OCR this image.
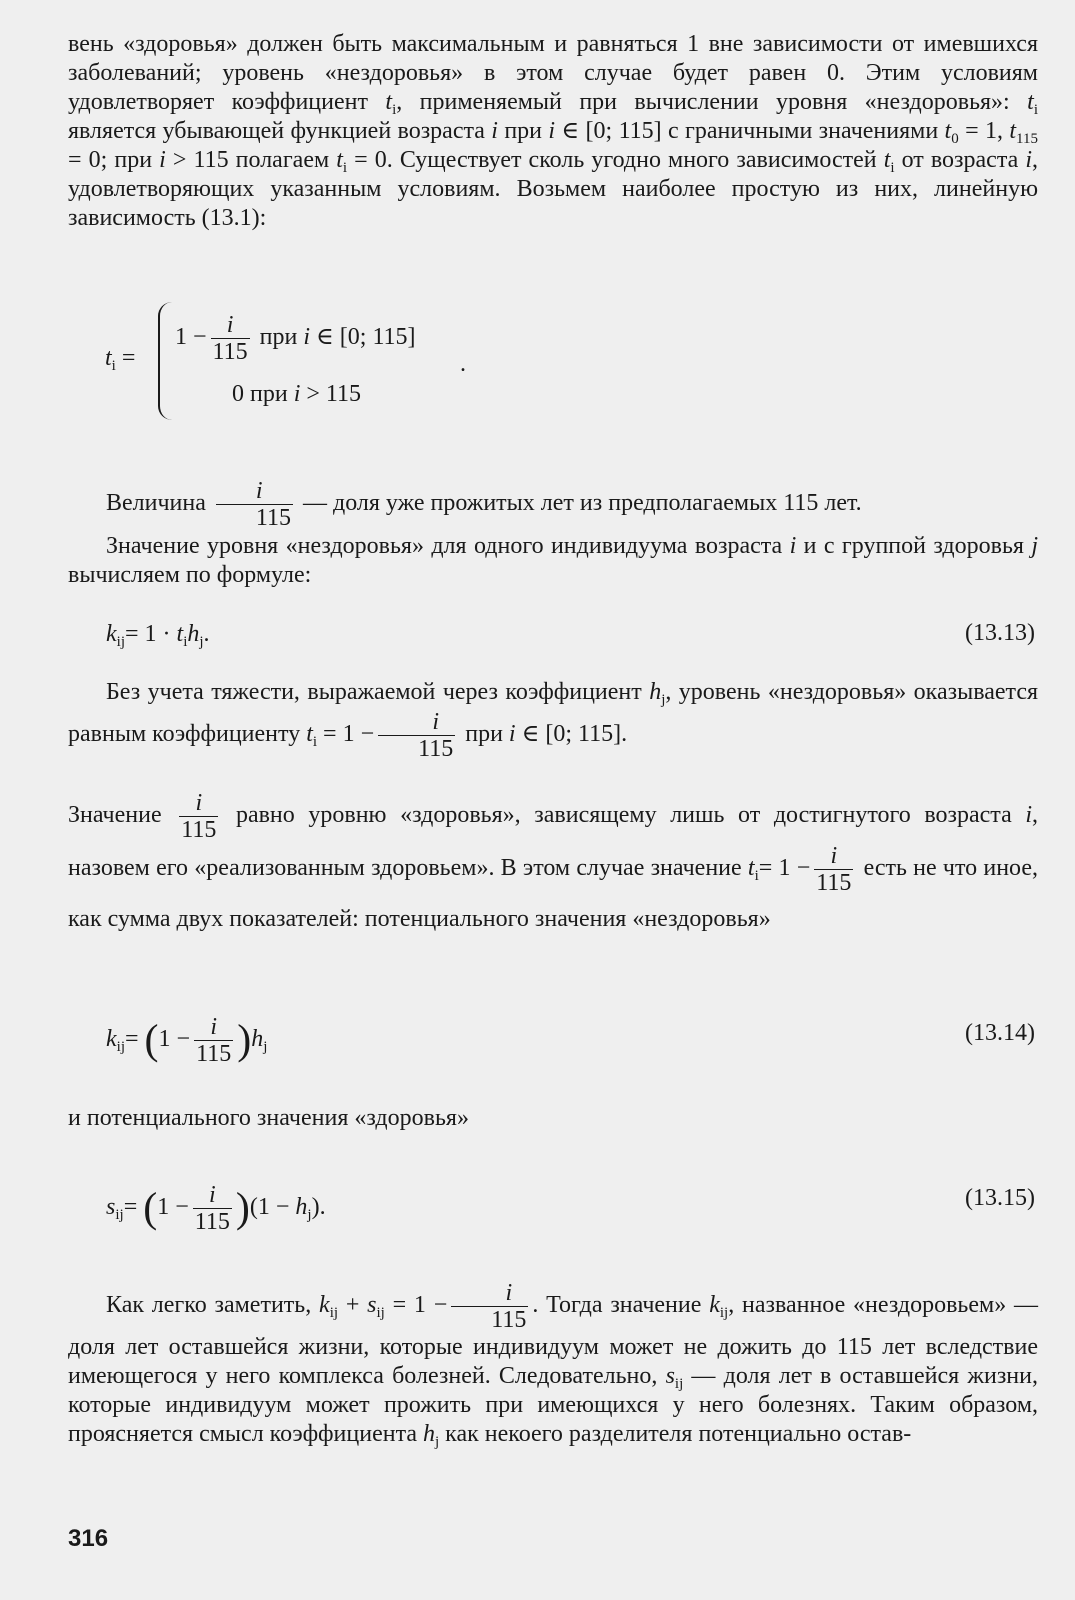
вень «здоровья» должен быть максимальным и равняться 1 вне зависимости от имевшихся заболеваний; уровень «нездоровья» в этом случае будет равен 0. Этим условиям удовлетворяет коэффициент $t_i$, применяемый при вычислении уровня «нездоровья»: $t_i$ является убывающей функцией возраста i при i ∈ [0; 115] с граничными значениями $t_0 = 1$, $t_{115} = 0$; при i > 115 полагаем $t_i = 0$. Существует сколь угодно много зависимостей $t_i$ от возраста i, удовлетворяющих указанным условиям. Возьмем наиболее простую из них, линейную зависимость (13.1):
$t_i$ =
$1 - \frac{i}{115}$ при i ∈ [0; 115]
.
0 при i > 115
Величина $\frac{i}{115}$ — доля уже прожитых лет из предполагаемых 115 лет.
Значение уровня «нездоровья» для одного индивидуума возраста i и с группой здоровья j вычисляем по формуле:
$k_{ij}= 1 \cdot t_ih_j$.	(13.13)
Без учета тяжести, выражаемой через коэффициент $h_j$, уровень «нездоровья» оказывается равным коэффициенту $t_i = 1 - \frac{i}{115}$ при i ∈ [0; 115].
Значение $\frac{i}{115}$ равно уровню «здоровья», зависящему лишь от достигнутого возраста i, назовем его «реализованным здоровьем». В этом случае значение $t_i= 1 - \frac{i}{115}$ есть не что иное, как сумма двух показателей: потенциального значения «нездоровья»
$k_{ij}= (1 - \frac{i}{115} )h_j$
(13.14)
и потенциального значения «здоровья»
$s_{ij}= (1 - \frac{i}{115} )(1 - h_j)$.	(13.15)
Как легко заметить, $k_{ij} + s_{ij} = 1 - \frac{i}{115}$ . Тогда значение $k_{ij}$, названное «нездоровьем» — доля лет оставшейся жизни, которые индивидуум может не дожить до 115 лет вследствие имеющегося у него комплекса болезней. Следовательно, $s_{ij}$ — доля лет в оставшейся жизни, которые индивидуум может прожить при имеющихся у него болезнях. Таким образом, проясняется смысл коэффициента $h_j$ как некоего разделителя потенциально остав-
316
